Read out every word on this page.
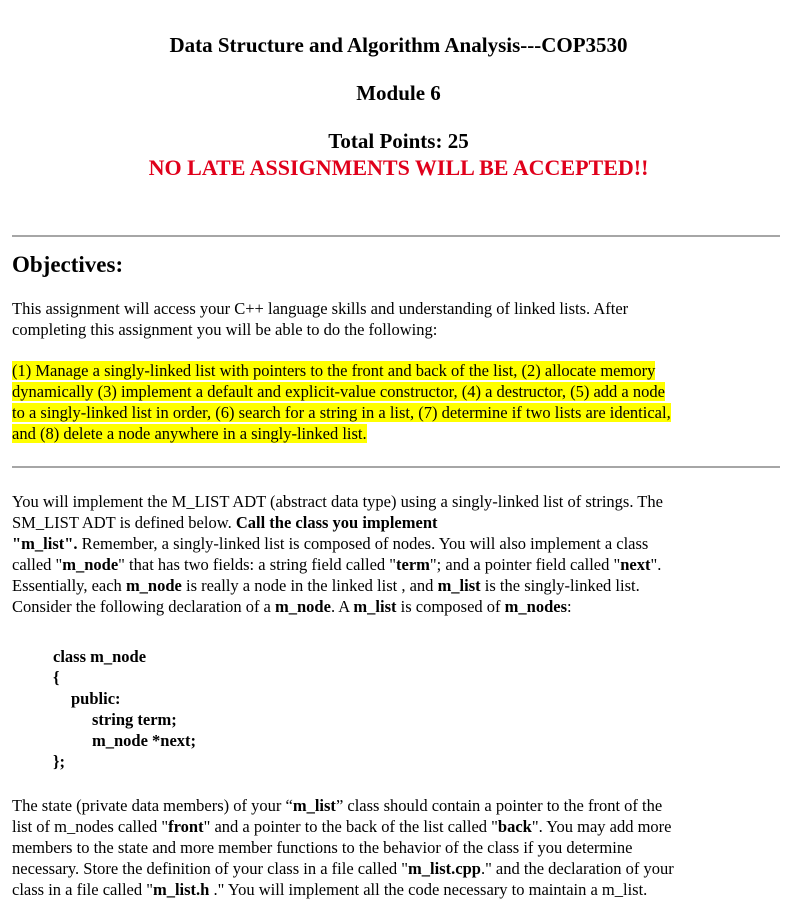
Data Structure and Algorithm Analysis---COP3530
Module 6
Total Points: 25
NO LATE ASSIGNMENTS WILL BE ACCEPTED!!
Objectives:
This assignment will access your C++ language skills and understanding of linked lists. After
completing this assignment you will be able to do the following:
(1) Manage a singly-linked list with pointers to the front and back of the list, (2) allocate memory
dynamically (3) implement a default and explicit-value constructor, (4) a destructor, (5) add a node
to a singly-linked list in order, (6) search for a string in a list, (7) determine if two lists are identical,
and (8) delete a node anywhere in a singly-linked list.
You will implement the M_LIST ADT (abstract data type) using a singly-linked list of strings. The
SM_LIST ADT is defined below. Call the class you implement
"m_list". Remember, a singly-linked list is composed of nodes. You will also implement a class
called "m_node" that has two fields: a string field called "term"; and a pointer field called "next".
Essentially, each m_node is really a node in the linked list , and m_list is the singly-linked list.
Consider the following declaration of a m_node. A m_list is composed of m_nodes:
class m_node
{
public:
string term;
m_node *next;
};
The state (private data members) of your “m_list” class should contain a pointer to the front of the
list of m_nodes called "front" and a pointer to the back of the list called "back". You may add more
members to the state and more member functions to the behavior of the class if you determine
necessary. Store the definition of your class in a file called "m_list.cpp." and the declaration of your
class in a file called "m_list.h ." You will implement all the code necessary to maintain a m_list.
